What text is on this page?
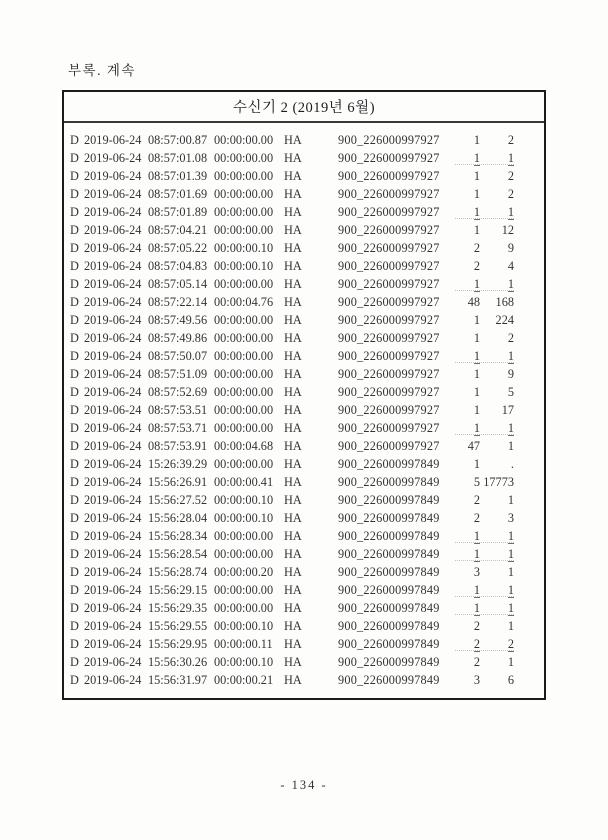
부록. 계속
수신기 2 (2019년 6월)
D 2019-06-24 08:57:00.87 00:00:00.00 HA	900_226000997927	1	2
D 2019-06-24 08:57:01.08 00:00:00.00 HA	900_226000997927	1	1
D 2019-06-24 08:57:01.39 00:00:00.00 HA	900_226000997927	1	2
D 2019-06-24 08:57:01.69 00:00:00.00 HA	900_226000997927	1	2
D 2019-06-24 08:57:01.89 00:00:00.00 HA	900_226000997927	1	1
D 2019-06-24 08:57:04.21 00:00:00.00 HA	900_226000997927	1	12
D 2019-06-24 08:57:05.22 00:00:00.10 HA	900_226000997927	2	9
D 2019-06-24 08:57:04.83 00:00:00.10 HA	900_226000997927	2	4
D 2019-06-24 08:57:05.14 00:00:00.00 HA	900_226000997927	1	1
D 2019-06-24 08:57:22.14 00:00:04.76 HA	900_226000997927	48	168
D 2019-06-24 08:57:49.56 00:00:00.00 HA	900_226000997927	1	224
D 2019-06-24 08:57:49.86 00:00:00.00 HA	900_226000997927	1	2
D 2019-06-24 08:57:50.07 00:00:00.00 HA	900_226000997927	1	1
D 2019-06-24 08:57:51.09 00:00:00.00 HA	900_226000997927	1	9
D 2019-06-24 08:57:52.69 00:00:00.00 HA	900_226000997927	1	5
D 2019-06-24 08:57:53.51 00:00:00.00 HA	900_226000997927	1	17
D 2019-06-24 08:57:53.71 00:00:00.00 HA	900_226000997927	1	1
D 2019-06-24 08:57:53.91 00:00:04.68 HA	900_226000997927	47	1
D 2019-06-24 15:26:39.29 00:00:00.00 HA	900_226000997849	1	.
D 2019-06-24 15:56:26.91 00:00:00.41 HA	900_226000997849	5 17773
D 2019-06-24 15:56:27.52 00:00:00.10 HA	900_226000997849	2	1
D 2019-06-24 15:56:28.04 00:00:00.10 HA	900_226000997849	2	3
D 2019-06-24 15:56:28.34 00:00:00.00 HA	900_226000997849	1	1
D 2019-06-24 15:56:28.54 00:00:00.00 HA	900_226000997849	1	1
D 2019-06-24 15:56:28.74 00:00:00.20 HA	900_226000997849	3	1
D 2019-06-24 15:56:29.15 00:00:00.00 HA	900_226000997849	1	1
D 2019-06-24 15:56:29.35 00:00:00.00 HA	900_226000997849	1	1
D 2019-06-24 15:56:29.55 00:00:00.10 HA	900_226000997849	2	1
D 2019-06-24 15:56:29.95 00:00:00.11 HA	900_226000997849	2	2
D 2019-06-24 15:56:30.26 00:00:00.10 HA	900_226000997849	2	1
D 2019-06-24 15:56:31.97 00:00:00.21 HA	900_226000997849	3	6
- 134 -
